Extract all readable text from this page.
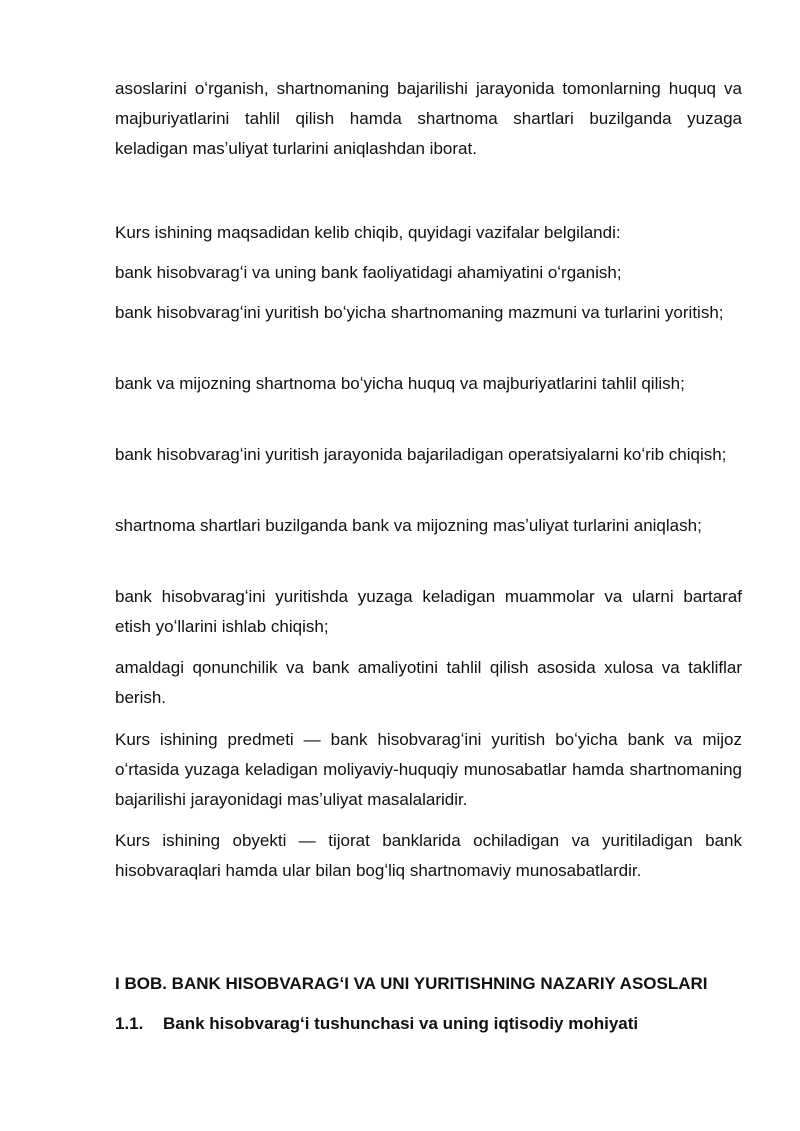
asoslarini oʻrganish, shartnomaning bajarilishi jarayonida tomonlarning huquq va majburiyatlarini tahlil qilish hamda shartnoma shartlari buzilganda yuzaga keladigan masʼuliyat turlarini aniqlashdan iborat.

Kurs ishining maqsadidan kelib chiqib, quyidagi vazifalar belgilandi:

bank hisobvaragʻi va uning bank faoliyatidagi ahamiyatini oʻrganish;

bank hisobvaragʻini yuritish boʻyicha shartnomaning mazmuni va turlarini yoritish;

bank va mijozning shartnoma boʻyicha huquq va majburiyatlarini tahlil qilish;

bank hisobvaragʻini yuritish jarayonida bajariladigan operatsiyalarni koʻrib chiqish;

shartnoma shartlari buzilganda bank va mijozning masʼuliyat turlarini aniqlash;

bank hisobvaragʻini yuritishda yuzaga keladigan muammolar va ularni bartaraf etish yoʻllarini ishlab chiqish;

amaldagi qonunchilik va bank amaliyotini tahlil qilish asosida xulosa va takliflar berish.

Kurs ishining predmeti — bank hisobvaragʻini yuritish boʻyicha bank va mijoz oʻrtasida yuzaga keladigan moliyaviy-huquqiy munosabatlar hamda shartnomaning bajarilishi jarayonidagi masʼuliyat masalalaridir.

Kurs ishining obyekti — tijorat banklarida ochiladigan va yuritiladigan bank hisobvaraqlari hamda ular bilan bogʻliq shartnomaviy munosabatlardir.

I BOB. BANK HISOBVARAGʻI VA UNI YURITISHNING NAZARIY ASOSLARI
1.1. Bank hisobvaragʻi tushunchasi va uning iqtisodiy mohiyati
